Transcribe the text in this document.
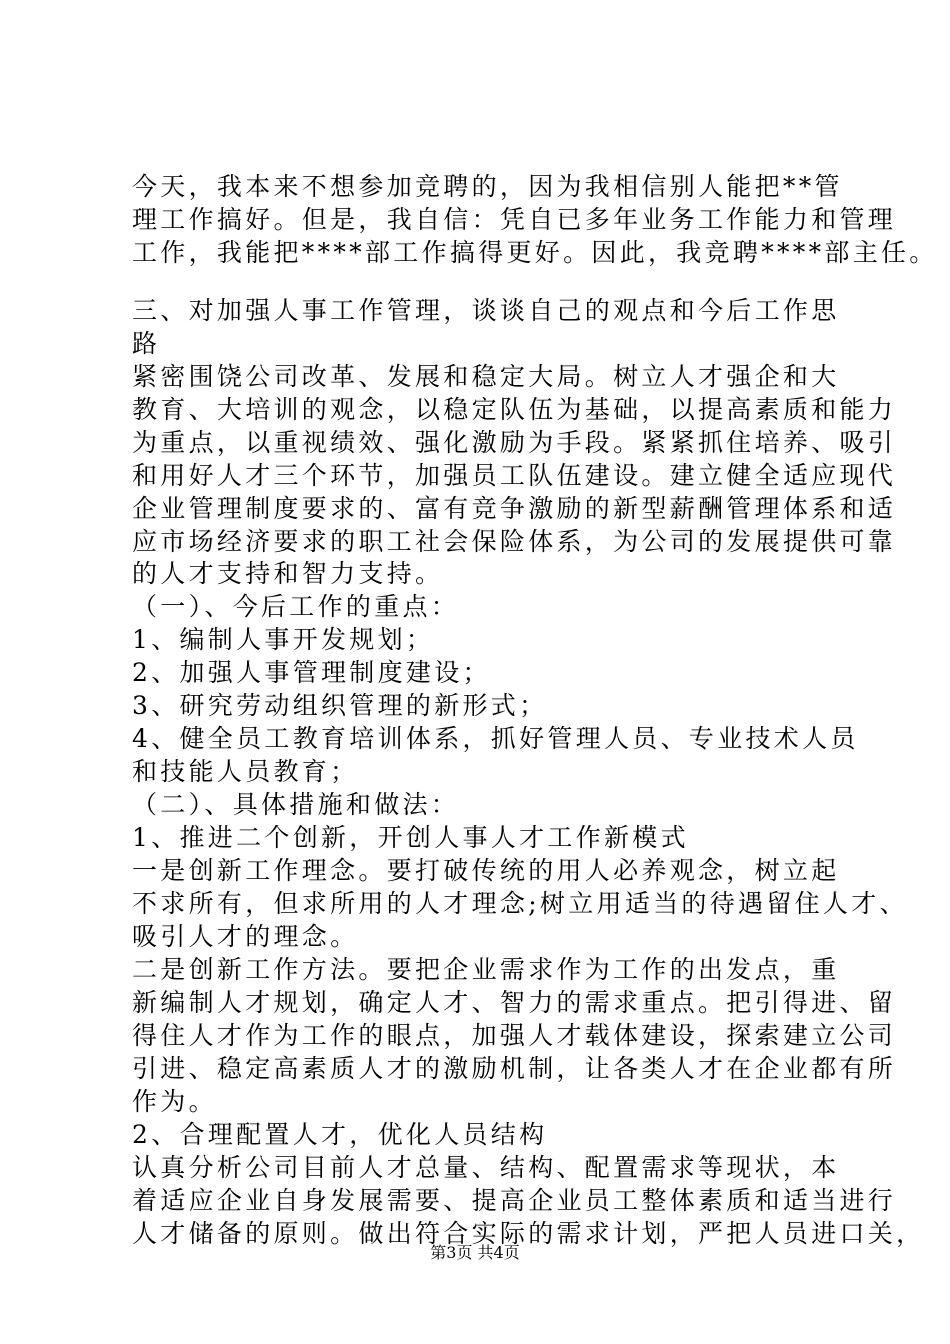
今天，我本来不想参加竞聘的，因为我相信别人能把**管
理工作搞好。但是，我自信：凭自已多年业务工作能力和管理
工作，我能把****部工作搞得更好。因此，我竞聘****部主任。
三、对加强人事工作管理，谈谈自己的观点和今后工作思
路
紧密围饶公司改革、发展和稳定大局。树立人才强企和大
教育、大培训的观念，以稳定队伍为基础，以提高素质和能力
为重点，以重视绩效、强化激励为手段。紧紧抓住培养、吸引
和用好人才三个环节，加强员工队伍建设。建立健全适应现代
企业管理制度要求的、富有竞争激励的新型薪酬管理体系和适
应市场经济要求的职工社会保险体系，为公司的发展提供可靠
的人才支持和智力支持。
（一）、今后工作的重点：
1、编制人事开发规划；
2、加强人事管理制度建设；
3、研究劳动组织管理的新形式；
4、健全员工教育培训体系，抓好管理人员、专业技术人员
和技能人员教育；
（二）、具体措施和做法：
1、推进二个创新，开创人事人才工作新模式
一是创新工作理念。要打破传统的用人必养观念，树立起
不求所有，但求所用的人才理念;树立用适当的待遇留住人才、
吸引人才的理念。
二是创新工作方法。要把企业需求作为工作的出发点，重
新编制人才规划，确定人才、智力的需求重点。把引得进、留
得住人才作为工作的眼点，加强人才载体建设，探索建立公司
引进、稳定高素质人才的激励机制，让各类人才在企业都有所
作为。
2、合理配置人才，优化人员结构
认真分析公司目前人才总量、结构、配置需求等现状，本
着适应企业自身发展需要、提高企业员工整体素质和适当进行
人才储备的原则。做出符合实际的需求计划，严把人员进口关，
第3页 共4页
